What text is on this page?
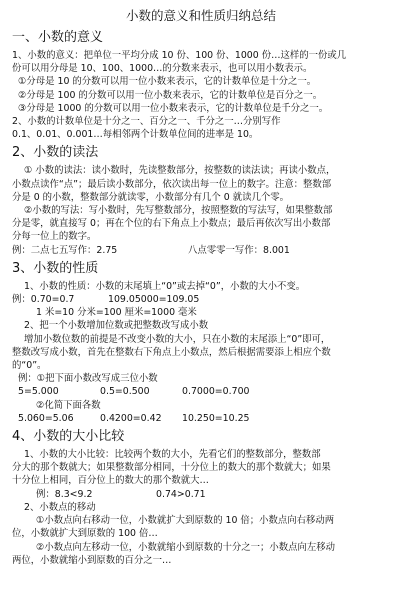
小数的意义和性质归纳总结
一、小数的意义

1、小数的意义：把单位一平均分成 10 份、100 份、1000 份…这样的一份或几

份可以用分母是 10、100、1000…的分数来表示，也可以用小数表示。

①分母是 10 的分数可以用一位小数来表示，它的计数单位是十分之一。

②分母是 100 的分数可以用一位小数来表示，它的计数单位是百分之一。

③分母是 1000 的分数可以用一位小数来表示，它的计数单位是千分之一。

2、小数的计数单位是十分之一、百分之一、千分之一…分别写作

0.1、0.01、0.001…每相邻两个计数单位间的进率是 10。

2、小数的读法

① 小数的读法：读小数时，先读整数部分，按整数的读法读；再读小数点，

小数点读作“点”；最后读小数部分，依次读出每一位上的数字。注意：整数部

分是 0 的小数，整数部分就读零，小数部分有几个 0 就读几个零。

②小数的写法：写小数时，先写整数部分，按照整数的写法写，如果整数部

分是零，就直接写 0；再在个位的右下角点上小数点；最后再依次写出小数部

分每一位上的数字。

例：二点七五写作：2.75	八点零零一写作：8.001
3、小数的性质

1、小数的性质：小数的末尾填上“0”或去掉“0”，小数的大小不变。

例：0.70=0.7	109.05000=109.05

1 米=10 分米=100 厘米=1000 毫米

2、把一个小数增加位数或把整数改写成小数

增加小数位数的前提是不改变小数的大小，只在小数的末尾添上“0”即可，

整数改写成小数，首先在整数右下角点上小数点，然后根据需要添上相应个数

的“0”。

例：①把下面小数改写成三位小数

5=5.000	0.5=0.500	0.7000=0.700

②化简下面各数

5.060=5.06	0.4200=0.42	10.250=10.25
4、小数的大小比较

1、小数的大小比较：比较两个数的大小，先看它们的整数部分，整数部

分大的那个数就大；如果整数部分相同，十分位上的数大的那个数就大；如果

十分位上相同，百分位上的数大的那个数就大…

例：8.3<9.2	0.74>0.71

2、小数点的移动

①小数点向右移动一位，小数就扩大到原数的 10 倍；小数点向右移动两

位，小数就扩大到原数的 100 倍…

②小数点向左移动一位，小数就缩小到原数的十分之一；小数点向左移动

两位，小数就缩小到原数的百分之一…
